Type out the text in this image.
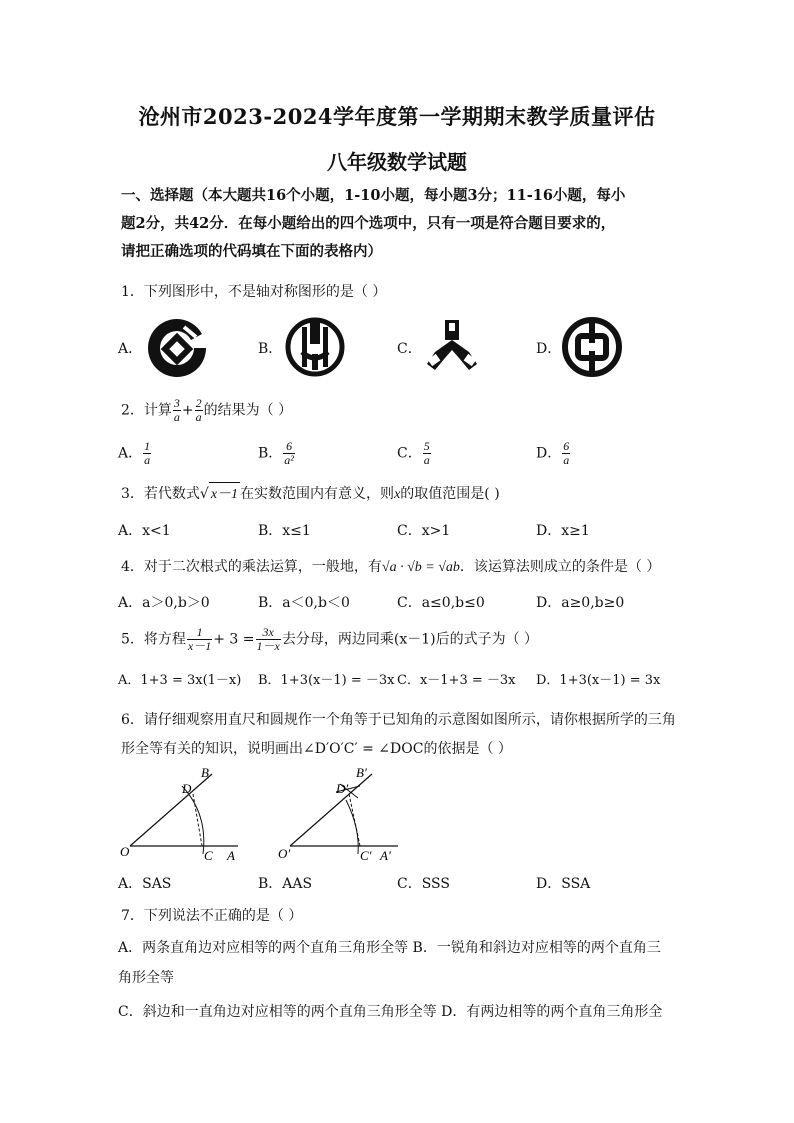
沧州市2023-2024学年度第一学期期末教学质量评估
八年级数学试题
一、选择题（本大题共16个小题，1-10小题，每小题3分；11-16小题，每小
题2分，共42分．在每小题给出的四个选项中，只有一项是符合题目要求的，
请把正确选项的代码填在下面的表格内）
1．下列图形中，不是轴对称图形的是（ ）
A．	B．	C．	D．
2．计算 $\frac{3}{a} + \frac{2}{a}$ 的结果为（ ）
A． $\frac{1}{a}$	B． $\frac{6}{\text{a²}}$	C． $\frac{5}{a}$	D． $\frac{6}{a}$
3．若代数式√ x－1 在实数范围内有意义，则x的取值范围是( )
A．x<1	B．x≤1	C．x>1	D．x≥1
4．对于二次根式的乘法运算，一般地，有√a · √b = √ab．该运算法则成立的条件是（ ）
A．a＞0,b＞0	B．a＜0,b＜0	C．a≤0,b≤0	D．a≥0,b≥0
5．将方程 $\frac{1}{x-1} + 3 = \frac{3x}{1-x}$ 去分母，两边同乘(x－1)后的式子为（ ）
A．1+3 = 3x(1－x) B．1+3(x－1) = －3x C．x－1+3 = －3x D．1+3(x－1) = 3x
6．请仔细观察用直尺和圆规作一个角等于已知角的示意图如图所示，请你根据所学的三角
形全等有关的知识，说明画出∠D′O′C′ = ∠DOC的依据是（ ）
B
D
O	C A
B′
D′
O′	C′ A′
A．SAS	B．AAS	C．SSS	D．SSA
7．下列说法不正确的是（ ）
A．两条直角边对应相等的两个直角三角形全等 B．一锐角和斜边对应相等的两个直角三
角形全等
C．斜边和一直角边对应相等的两个直角三角形全等 D．有两边相等的两个直角三角形全
